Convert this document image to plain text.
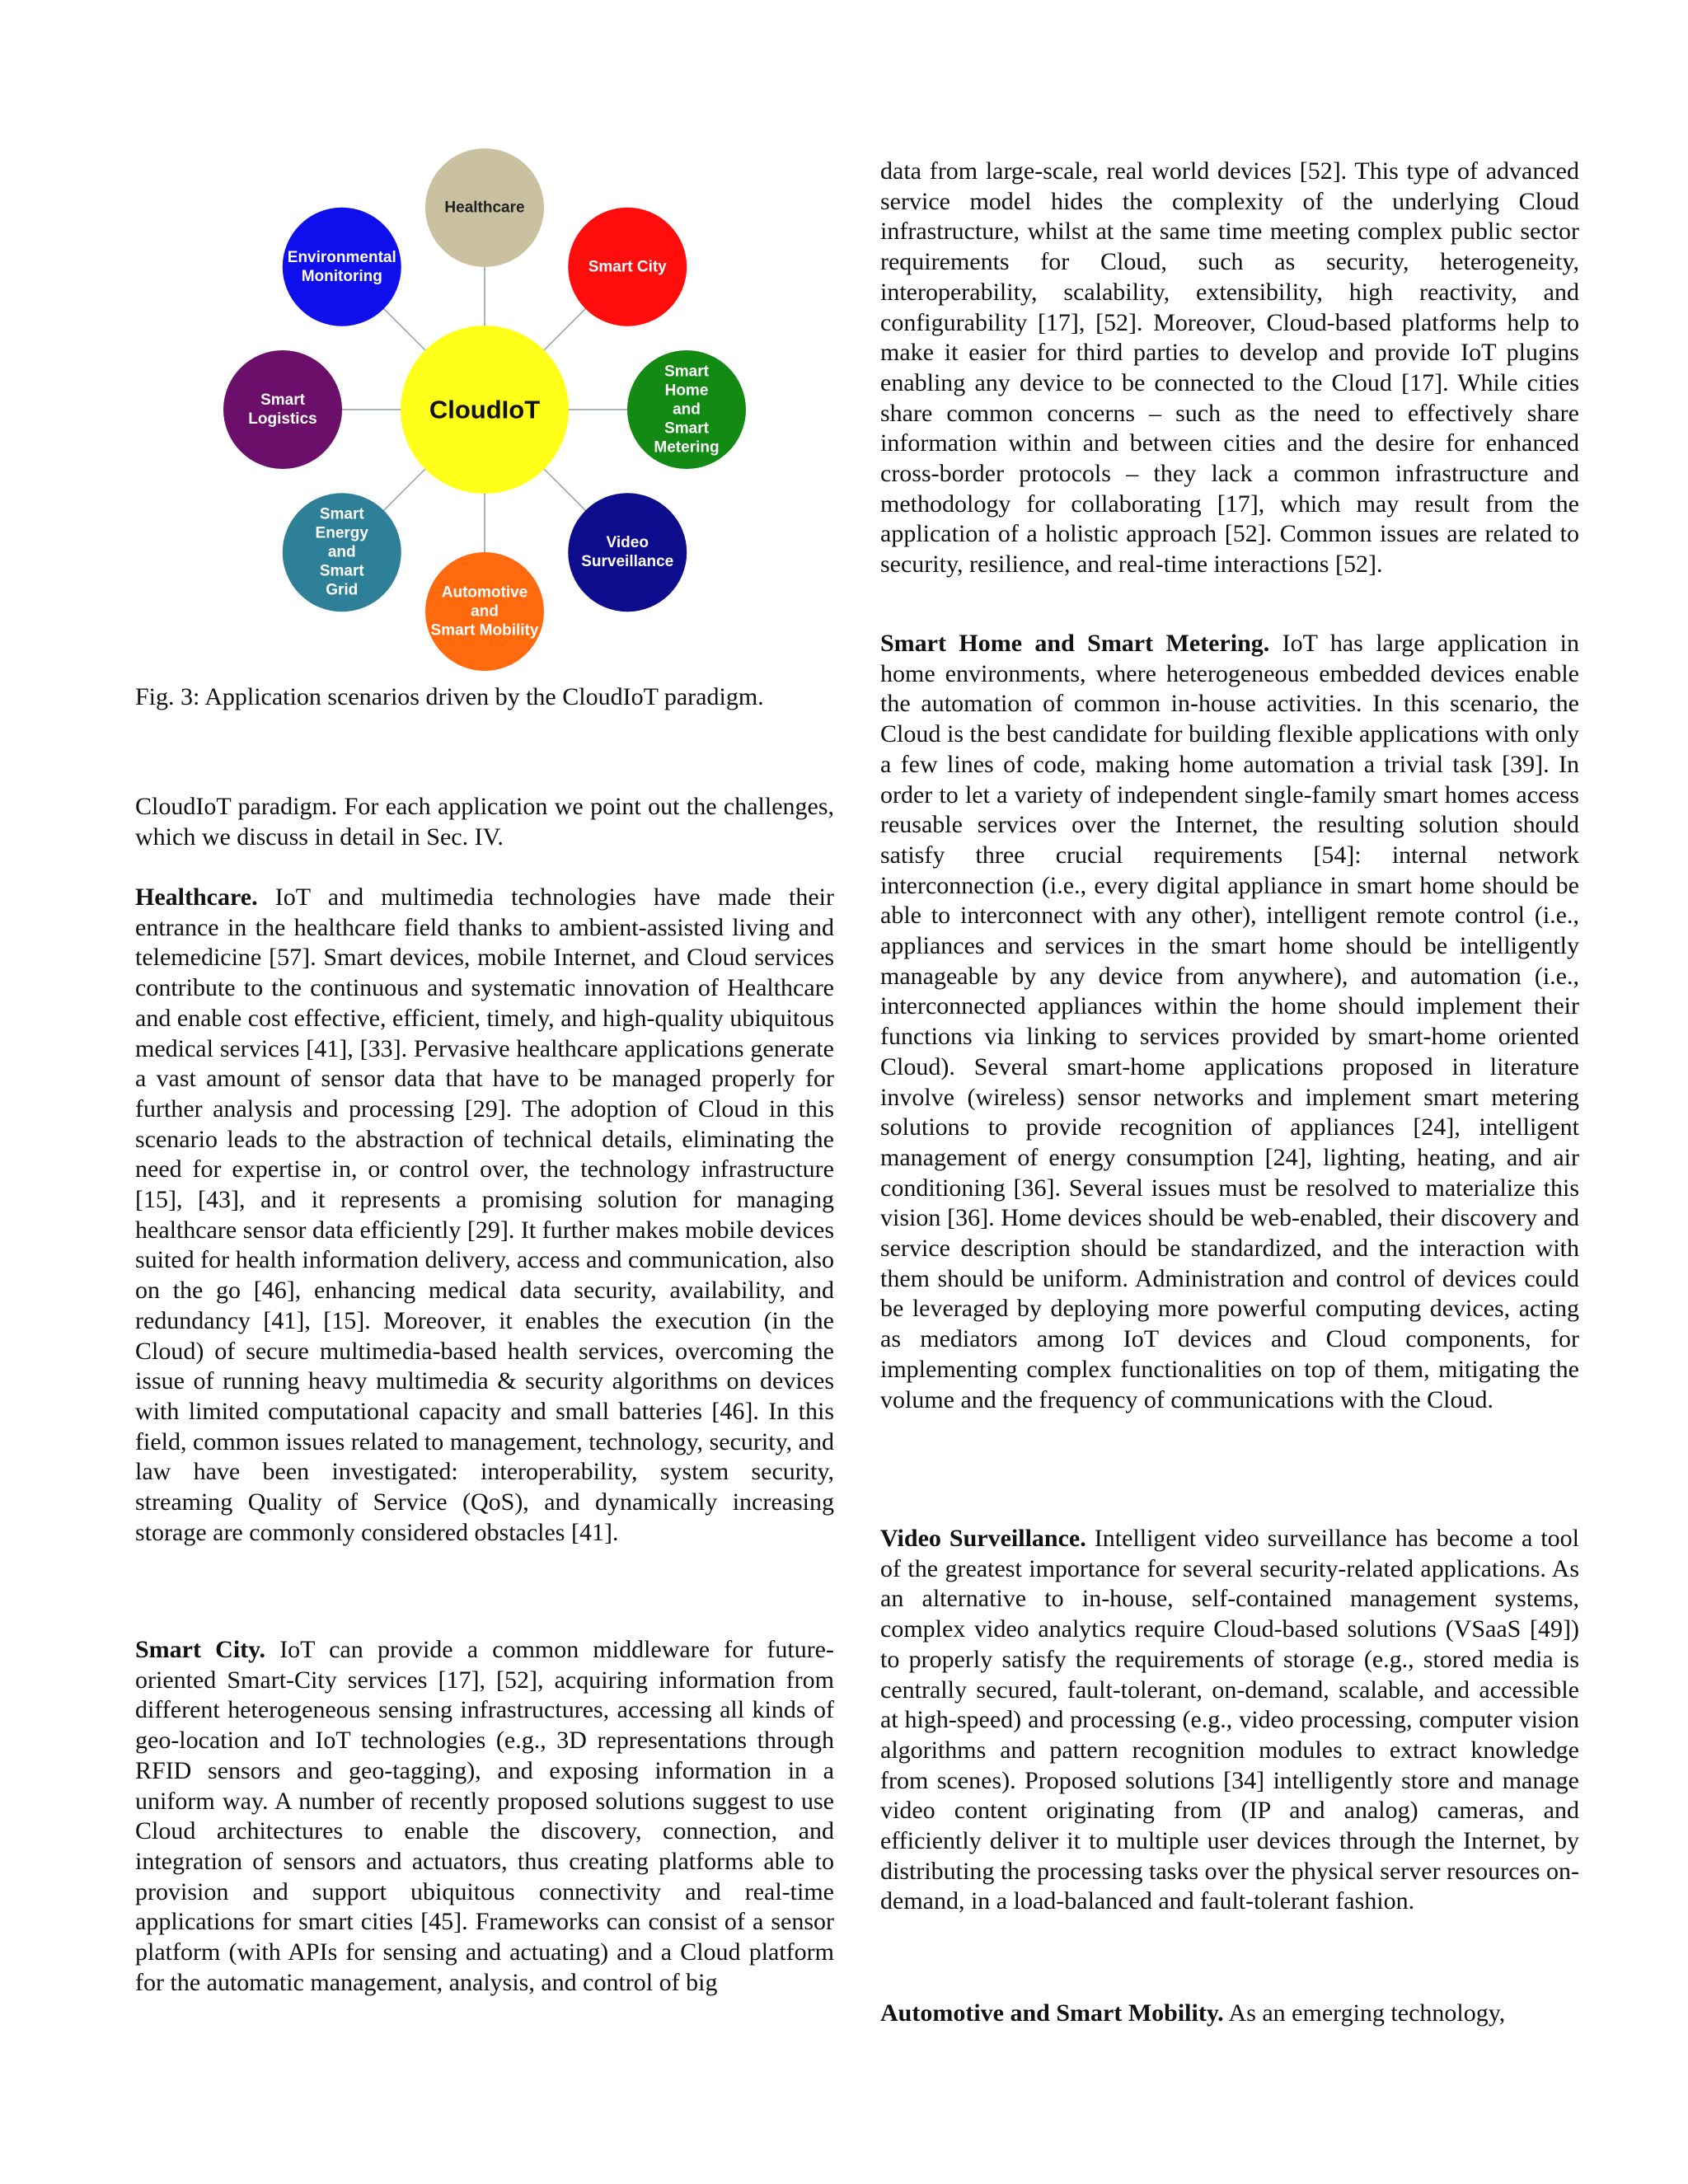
Healthcare
Smart City
Smart
Home
and
Smart
Metering
Video
Surveillance
Automotive
and
Smart Mobility
Smart
Energy
and
Smart
Grid
Smart
Logistics
Environmental
Monitoring
CloudIoT

Fig. 3: Application scenarios driven by the CloudIoT paradigm.

CloudIoT paradigm. For each application we point out the challenges, which we discuss in detail in Sec. IV.

Healthcare. IoT and multimedia technologies have made their entrance in the healthcare field thanks to ambient-assisted living and telemedicine [57]. Smart devices, mobile Internet, and Cloud services contribute to the continuous and systematic innovation of Healthcare and enable cost effective, efficient, timely, and high-quality ubiquitous medical services [41], [33]. Pervasive healthcare applications generate a vast amount of sensor data that have to be managed properly for further analysis and processing [29]. The adoption of Cloud in this scenario leads to the abstraction of technical details, eliminating the need for expertise in, or control over, the technology infrastructure [15], [43], and it represents a promising solution for managing healthcare sensor data efficiently [29]. It further makes mobile devices suited for health information delivery, access and communication, also on the go [46], enhancing medical data security, availability, and redundancy [41], [15]. Moreover, it enables the execution (in the Cloud) of secure multimedia-based health services, overcoming the issue of running heavy multimedia & security algorithms on devices with limited computational capacity and small batteries [46]. In this field, common issues related to management, technology, security, and law have been investigated: interoperability, system security, streaming Quality of Service (QoS), and dynamically increasing storage are commonly considered obstacles [41].

Smart City. IoT can provide a common middleware for future-oriented Smart-City services [17], [52], acquiring information from different heterogeneous sensing infrastructures, accessing all kinds of geo-location and IoT technologies (e.g., 3D representations through RFID sensors and geo-tagging), and exposing information in a uniform way. A number of recently proposed solutions suggest to use Cloud architectures to enable the discovery, connection, and integration of sensors and actuators, thus creating platforms able to provision and support ubiquitous connectivity and real-time applications for smart cities [45]. Frameworks can consist of a sensor platform (with APIs for sensing and actuating) and a Cloud platform for the automatic management, analysis, and control of big

data from large-scale, real world devices [52]. This type of advanced service model hides the complexity of the underlying Cloud infrastructure, whilst at the same time meeting complex public sector requirements for Cloud, such as security, heterogeneity, interoperability, scalability, extensibility, high reactivity, and configurability [17], [52]. Moreover, Cloud-based platforms help to make it easier for third parties to develop and provide IoT plugins enabling any device to be connected to the Cloud [17]. While cities share common concerns – such as the need to effectively share information within and between cities and the desire for enhanced cross-border protocols – they lack a common infrastructure and methodology for collaborating [17], which may result from the application of a holistic approach [52]. Common issues are related to security, resilience, and real-time interactions [52].

Smart Home and Smart Metering. IoT has large application in home environments, where heterogeneous embedded devices enable the automation of common in-house activities. In this scenario, the Cloud is the best candidate for building flexible applications with only a few lines of code, making home automation a trivial task [39]. In order to let a variety of independent single-family smart homes access reusable services over the Internet, the resulting solution should satisfy three crucial requirements [54]: internal network interconnection (i.e., every digital appliance in smart home should be able to interconnect with any other), intelligent remote control (i.e., appliances and services in the smart home should be intelligently manageable by any device from anywhere), and automation (i.e., interconnected appliances within the home should implement their functions via linking to services provided by smart-home oriented Cloud). Several smart-home applications proposed in literature involve (wireless) sensor networks and implement smart metering solutions to provide recognition of appliances [24], intelligent management of energy consumption [24], lighting, heating, and air conditioning [36]. Several issues must be resolved to materialize this vision [36]. Home devices should be web-enabled, their discovery and service description should be standardized, and the interaction with them should be uniform. Administration and control of devices could be leveraged by deploying more powerful computing devices, acting as mediators among IoT devices and Cloud components, for implementing complex functionalities on top of them, mitigating the volume and the frequency of communications with the Cloud.

Video Surveillance. Intelligent video surveillance has become a tool of the greatest importance for several security-related applications. As an alternative to in-house, self-contained management systems, complex video analytics require Cloud-based solutions (VSaaS [49]) to properly satisfy the requirements of storage (e.g., stored media is centrally secured, fault-tolerant, on-demand, scalable, and accessible at high-speed) and processing (e.g., video processing, computer vision algorithms and pattern recognition modules to extract knowledge from scenes). Proposed solutions [34] intelligently store and manage video content originating from (IP and analog) cameras, and efficiently deliver it to multiple user devices through the Internet, by distributing the processing tasks over the physical server resources on-demand, in a load-balanced and fault-tolerant fashion.

Automotive and Smart Mobility. As an emerging technology,
